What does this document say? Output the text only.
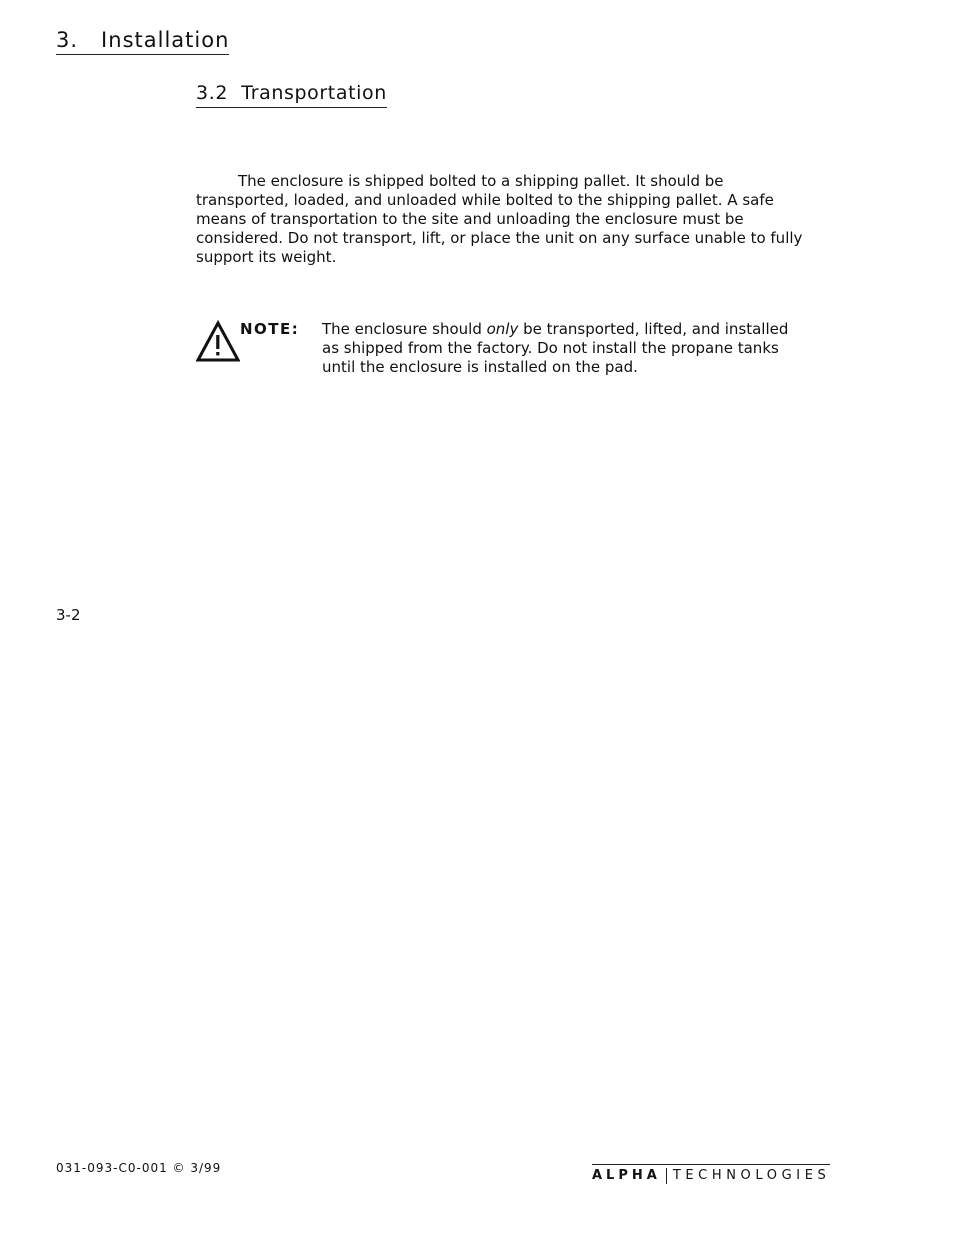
3.   Installation
3.2  Transportation

The enclosure is shipped bolted to a shipping pallet. It should be transported, loaded, and unloaded while bolted to the shipping pallet. A safe means of transportation to the site and unloading the enclosure must be considered. Do not transport, lift, or place the unit on any surface unable to fully support its weight.

NOTE: The enclosure should only be transported, lifted, and installed as shipped from the factory. Do not install the propane tanks until the enclosure is installed on the pad.

3-2
031-093-C0-001 © 3/99	ALPHA TECHNOLOGIES
